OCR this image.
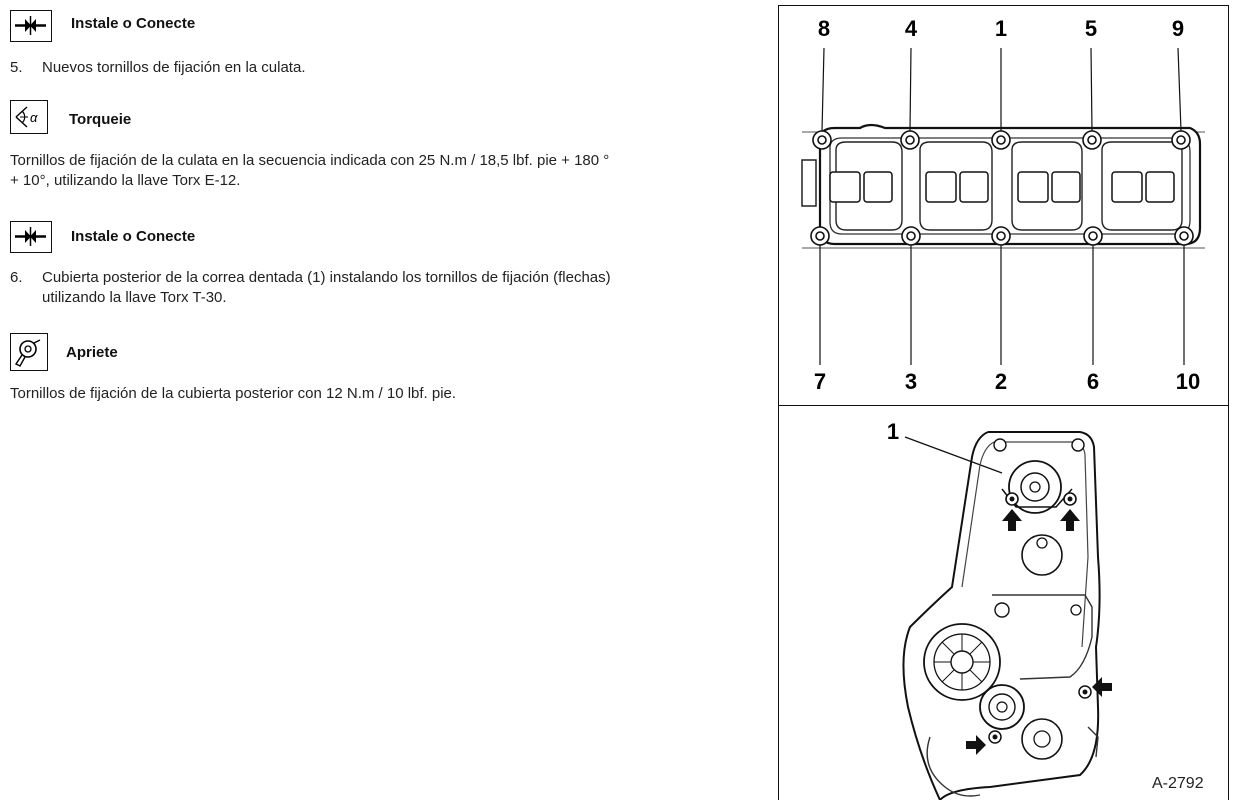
Instale o Conecte
5. Nuevos tornillos de fijación en la culata.
α Torqueie
Tornillos de fijación de la culata en la secuencia indicada con 25 N.m / 18,5 lbf. pie + 180 °
+ 10°, utilizando la llave Torx E-12.
Instale o Conecte
6. Cubierta posterior de la correa dentada (1) instalando los tornillos de fijación (flechas)
utilizando la llave Torx T-30.
Apriete
Tornillos de fijación de la cubierta posterior con 12 N.m / 10 lbf. pie.
8	4	1	5	9
7	3	2	6	10
1
A-2792
